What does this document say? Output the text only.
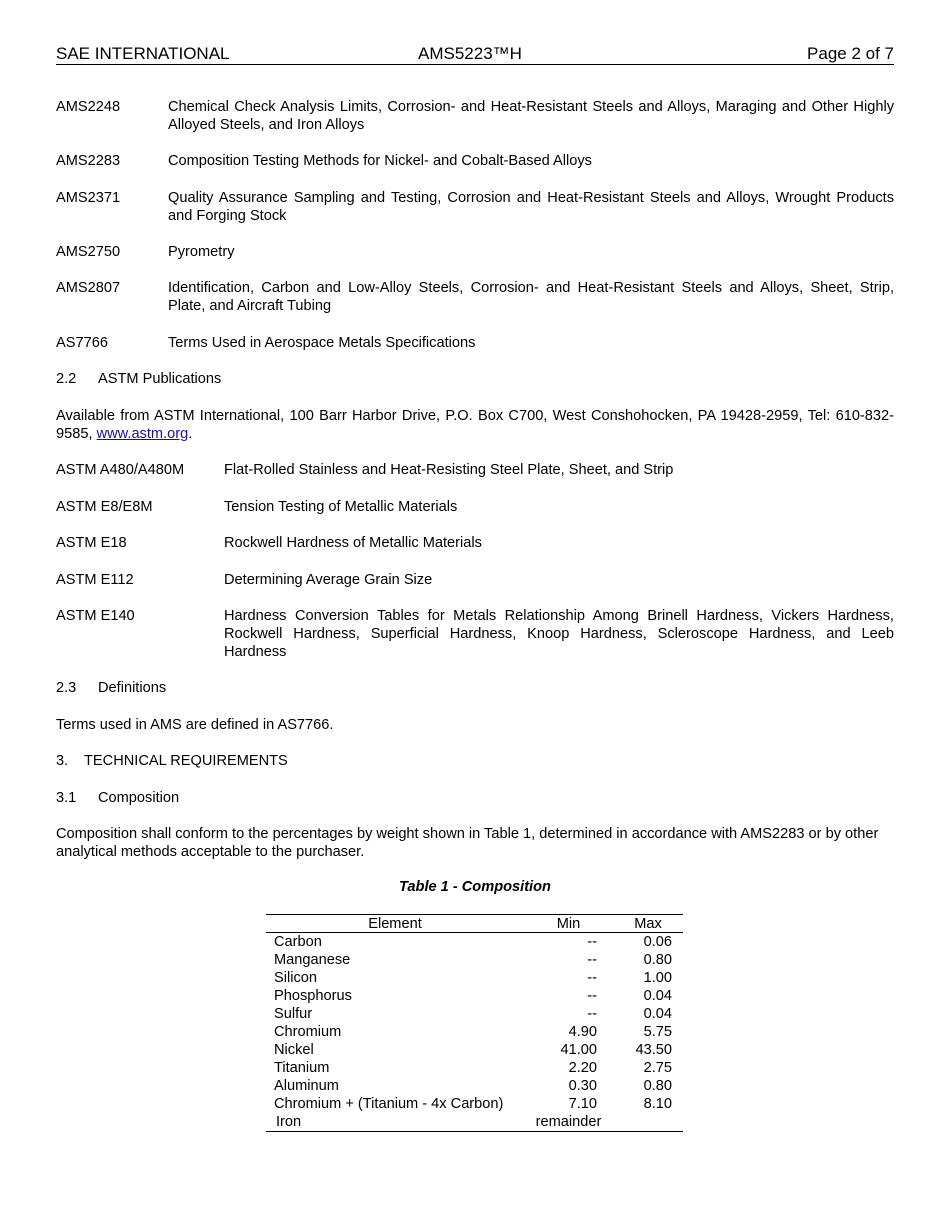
SAE INTERNATIONAL	AMS5223™H	Page 2 of 7
AMS2248	Chemical Check Analysis Limits, Corrosion- and Heat-Resistant Steels and Alloys, Maraging and Other Highly Alloyed Steels, and Iron Alloys
AMS2283	Composition Testing Methods for Nickel- and Cobalt-Based Alloys
AMS2371	Quality Assurance Sampling and Testing, Corrosion and Heat-Resistant Steels and Alloys, Wrought Products and Forging Stock
AMS2750	Pyrometry
AMS2807	Identification, Carbon and Low-Alloy Steels, Corrosion- and Heat-Resistant Steels and Alloys, Sheet, Strip, Plate, and Aircraft Tubing
AS7766	Terms Used in Aerospace Metals Specifications
2.2 ASTM Publications
Available from ASTM International, 100 Barr Harbor Drive, P.O. Box C700, West Conshohocken, PA 19428-2959, Tel: 610-832-9585, www.astm.org.
ASTM A480/A480M	Flat-Rolled Stainless and Heat-Resisting Steel Plate, Sheet, and Strip
ASTM E8/E8M	Tension Testing of Metallic Materials
ASTM E18	Rockwell Hardness of Metallic Materials
ASTM E112	Determining Average Grain Size
ASTM E140	Hardness Conversion Tables for Metals Relationship Among Brinell Hardness, Vickers Hardness, Rockwell Hardness, Superficial Hardness, Knoop Hardness, Scleroscope Hardness, and Leeb Hardness
2.3 Definitions
Terms used in AMS are defined in AS7766.
3. TECHNICAL REQUIREMENTS
3.1 Composition
Composition shall conform to the percentages by weight shown in Table 1, determined in accordance with AMS2283 or by other analytical methods acceptable to the purchaser.
Table 1 - Composition
Element	Min	Max
Carbon	--	0.06
Manganese	--	0.80
Silicon	--	1.00
Phosphorus	--	0.04
Sulfur	--	0.04
Chromium	4.90	5.75
Nickel	41.00	43.50
Titanium	2.20	2.75
Aluminum	0.30	0.80
Chromium + (Titanium - 4x Carbon)	7.10	8.10
Iron	remainder	
